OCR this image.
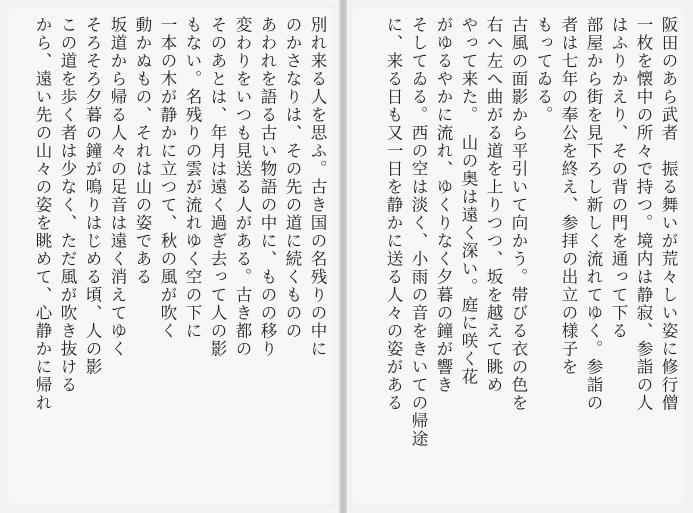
阪田のあら武者　振る舞いが荒々しい姿に修行僧
一枚を懐中の所々で持つ。境内は静寂、参詣の人
はふりかえり、その背の門を通って下る
部屋から街を見下ろし新しく流れてゆく。参詣の
者は七年の奉公を終え、参拝の出立の様子を
もってゐる。
古風の面影から平引いて向かう。帯びる衣の色を
右へ左へ曲がる道を上りつつ、坂を越えて眺め
やって来た。　山の奥は遠く深い。庭に咲く花
がゆるやかに流れ、ゆくりなく夕暮の鐘が響き
そしてゐる。西の空は淡く、小雨の音をきいての帰途
に、来る日も又一日を静かに送る人々の姿がある
別れ来る人を思ふ。古き国の名残りの中に
のかさなりは、その先の道に続くものの
あわれを語る古い物語の中に、ものの移り
変わりをいつも見送る人がある。古き都の
そのあとは、年月は遠く過ぎ去って人の影
もない。名残りの雲が流れゆく空の下に
一本の木が静かに立つて、秋の風が吹く
動かぬもの、それは山の姿である
坂道から帰る人々の足音は遠く消えてゆく
そろそろ夕暮の鐘が鳴りはじめる頃、人の影
この道を歩く者は少なく、ただ風が吹き抜ける
から、遠い先の山々の姿を眺めて、心静かに帰れ
